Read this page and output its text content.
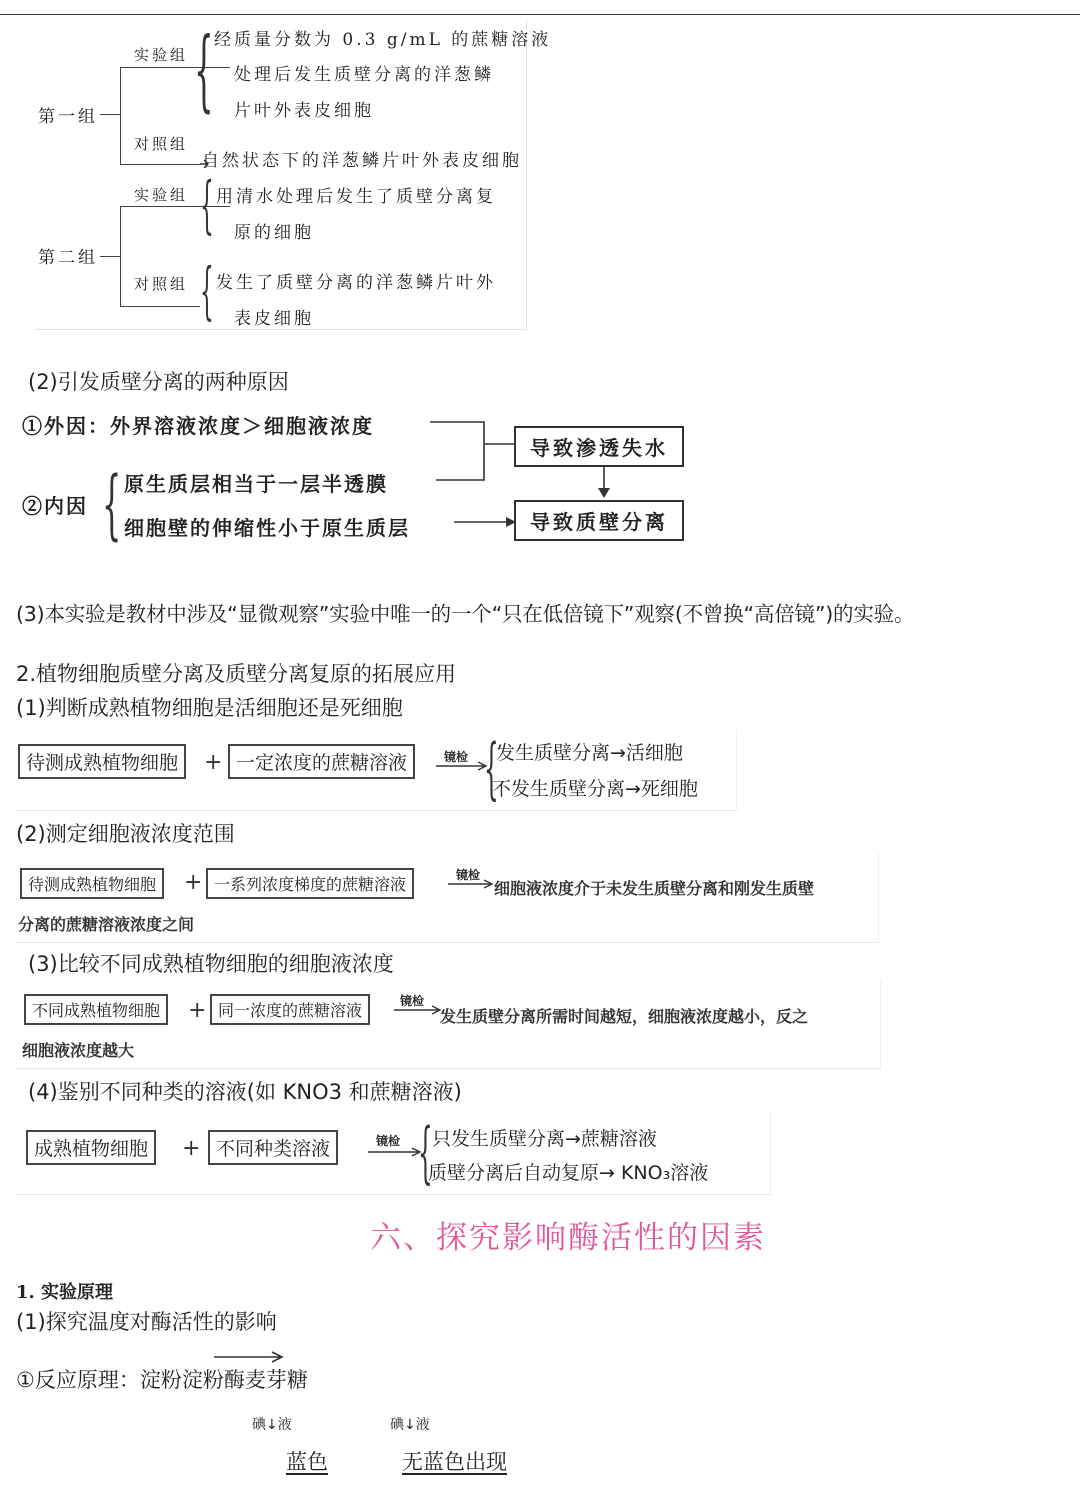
第一组
第二组
实验组
对照组
{ 经质量分数为 0.3 g/mL 的蔗糖溶液
处理后发生质壁分离的洋葱鳞
片叶外表皮细胞
自然状态下的洋葱鳞片叶外表皮细胞
实验组
对照组
{ 用清水处理后发生了质壁分离复
原的细胞
{ 发生了质壁分离的洋葱鳞片叶外
表皮细胞
(2)引发质壁分离的两种原因
①外因：外界溶液浓度＞细胞液浓度
②内因 { 原生质层相当于一层半透膜
细胞壁的伸缩性小于原生质层
导致渗透失水
导致质壁分离
(3)本实验是教材中涉及“显微观察”实验中唯一的一个“只在低倍镜下”观察(不曾换“高倍镜”)的实验。
2.植物细胞质壁分离及质壁分离复原的拓展应用
(1)判断成熟植物细胞是活细胞还是死细胞
待测成熟植物细胞	+ 一定浓度的蔗糖溶液	镜检 {
发生质壁分离→活细胞
不发生质壁分离→死细胞
(2)测定细胞液浓度范围
待测成熟植物细胞	+ 一系列浓度梯度的蔗糖溶液	镜检
细胞液浓度介于未发生质壁分离和刚发生质壁
分离的蔗糖溶液浓度之间
(3)比较不同成熟植物细胞的细胞液浓度
不同成熟植物细胞	+ 同一浓度的蔗糖溶液	镜检
发生质壁分离所需时间越短，细胞液浓度越小，反之
细胞液浓度越大
(4)鉴别不同种类的溶液(如 KNO3 和蔗糖溶液)
成熟植物细胞	+ 不同种类溶液	镜检 { 只发生质壁分离→蔗糖溶液
质壁分离后自动复原→ KNO₃溶液
六、探究影响酶活性的因素
1. 实验原理
(1)探究温度对酶活性的影响
①反应原理：淀粉淀粉酶麦芽糖
碘↓液	碘↓液
蓝色	无蓝色出现
